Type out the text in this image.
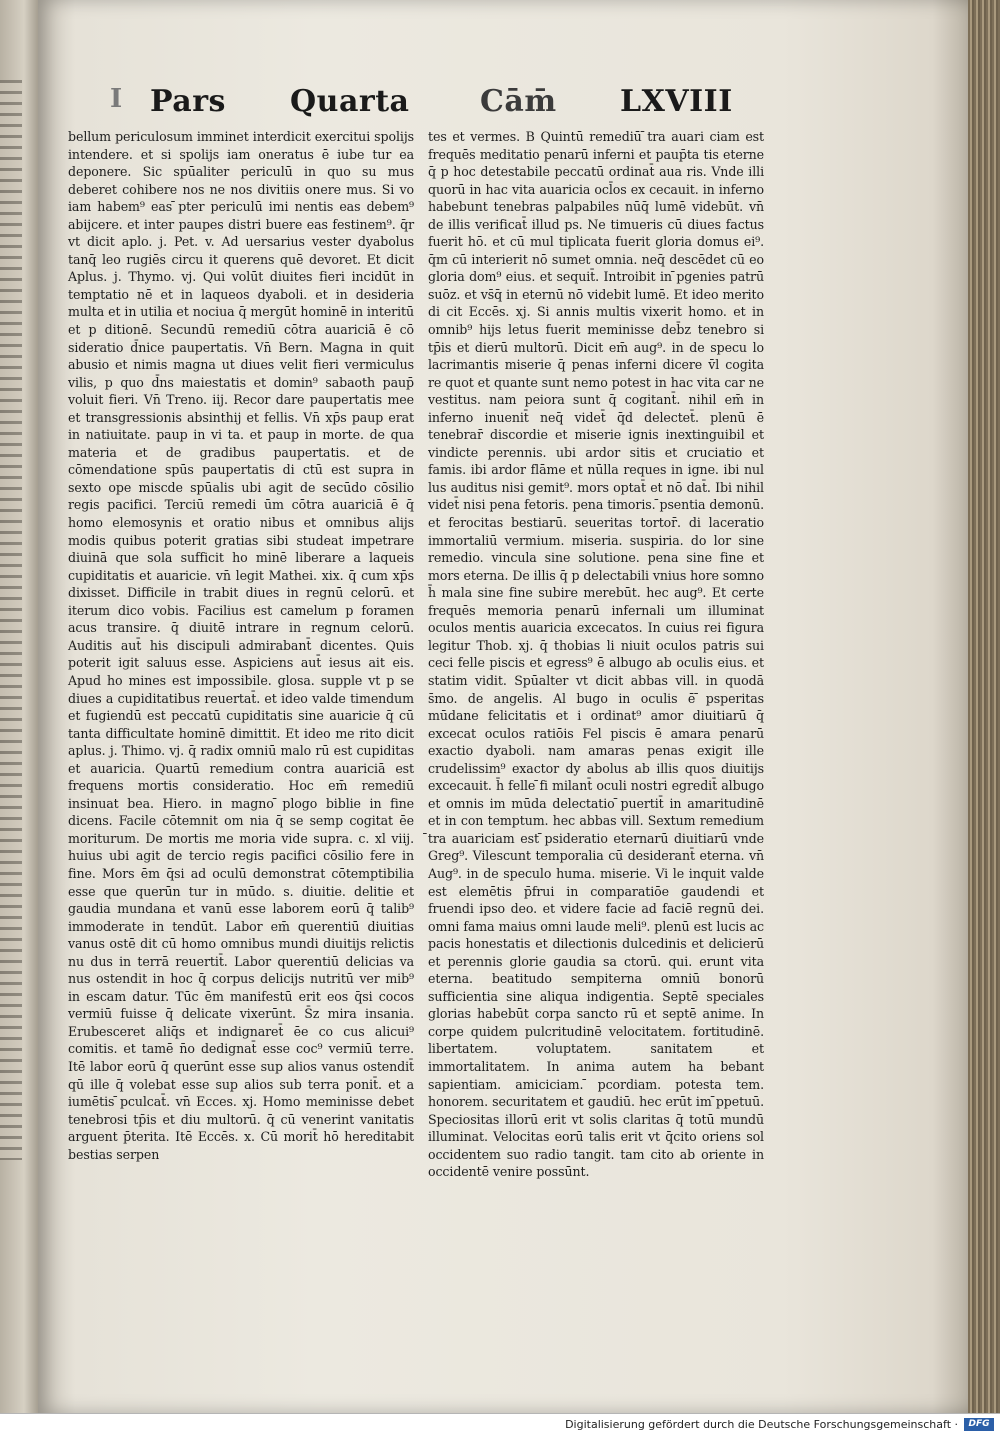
I Pars Quarta Cām̄ LXVIII

bellum periculosum imminet interdicit exercitui spolijs intendere. et si spolijs iam oneratus ē iube tur ea deponere. Sic spūaliter periculū in quo su mus deberet cohibere nos ne nos divitiis onere mus. Si vo iam habem⁹ eas ̄pter periculū imi nentis eas debem⁹ abijcere. et inter paupes distri buere eas festinem⁹. q̄r vt dicit aplo. j. Pet. v. Ad uersarius vester dyabolus tanq̄ leo rugiēs circu it querens quē devoret. Et dicit Aplus. j. Thymo. vj. Qui volūt diuites fieri incidūt in temptatio nē et in laqueos dyaboli. et in desideria multa et in utilia et nociua q̄ mergūt hominē in interitū et p ditionē. Secundū remediū cōtra auariciā ē cō sideratio d̄nice paupertatis. Vn̄ Bern. Magna in quit abusio et nimis magna ut diues velit fieri vermiculus vilis, p quo d̄ns maiestatis et domin⁹ sabaoth paup̄ voluit fieri. Vn̄ Treno. iij. Recor dare paupertatis mee et transgressionis absinthij et fellis. Vn̄ xp̄s paup erat in natiuitate. paup in vi ta. et paup in morte. de qua materia et de gradibus paupertatis. et de cōmendatione spūs paupertatis di ctū est supra in sexto ope miscde spūalis ubi agit de secūdo cōsilio regis pacifici. Terciū remedi ūm cōtra auariciā ē q̄ homo elemosynis et oratio nibus et omnibus alijs modis quibus poterit gratias sibi studeat impetrare diuinā que sola sufficit ho minē liberare a laqueis cupiditatis et auaricie. vn̄ legit Mathei. xix. q̄ cum xp̄s dixisset. Difficile in trabit diues in regnū celorū. et iterum dico vobis. Facilius est camelum p foramen acus transire. q̄ diuitē intrare in regnum celorū. Auditis aut̄ his discipuli admirabant̄ dicentes. Quis poterit igit saluus esse. Aspiciens aut̄ iesus ait eis. Apud ho mines est impossibile. glosa. supple vt p se diues a cupiditatibus reuertat̄. et ideo valde timendum et fugiendū est peccatū cupiditatis sine auaricie q̄ cū tanta difficultate hominē dimittit. Et ideo me rito dicit aplus. j. Thimo. vj. q̄ radix omniū malo rū est cupiditas et auaricia. Quartū remedium contra auariciā est frequens mortis consideratio. Hoc em̄ remediū insinuat bea. Hiero. in magno ̄plogo biblie in fine dicens. Facile cōtemnit om nia q̄ se semp cogitat ēe moriturum. De mortis me moria vide supra. c. xl viij. huius ubi agit de tercio regis pacifici cōsilio fere in fine. Mors ēm q̄si ad oculū demonstrat cōtemptibilia esse que querūn tur in mūdo. s. diuitie. delitie et gaudia mundana et vanū esse laborem eorū q̄ talib⁹ immoderate in tendūt. Labor em̄ querentiū diuitias vanus ostē dit cū homo omnibus mundi diuitijs relictis nu dus in terrā reuertit̄. Labor querentiū delicias va nus ostendit in hoc q̄ corpus delicijs nutritū ver mib⁹ in escam datur. Tūc ēm manifestū erit eos q̄si cocos vermiū fuisse q̄ delicate vixerūnt. S̄z mira insania. Erubesceret aliq̄s et indignaret̄ ēe co cus alicui⁹ comitis. et tamē n̄o dedignat̄ esse coc⁹ vermiū terre. Itē labor eorū q̄ querūnt esse sup alios vanus ostendit̄ qū ille q̄ volebat esse sup alios sub terra ponit̄. et a iumētis ̄pculcat̄. vn̄ Ecces. xj. Homo meminisse debet tenebrosi tp̄is et diu multorū. q̄ cū venerint vanitatis arguent p̄terita. Itē Eccēs. x. Cū morit̄ hō hereditabit bestias serpen

tes et vermes. B Quintū remediū ̄tra auari ciam est frequēs meditatio penarū inferni et paup̄ta tis eterne q̄ p hoc detestabile peccatū ordinat̄ aua ris. Vnde illi quorū in hac vita auaricia ocl̄os ex cecauit. in inferno habebunt tenebras palpabiles nūq̄ lumē videbūt. vn̄ de illis verificat̄ illud ps. Ne timueris cū diues factus fuerit hō. et cū mul tiplicata fuerit gloria domus ei⁹. q̄m cū interierit nō sumet omnia. neq̄ descēdet cū eo gloria dom⁹ eius. et sequit̄. Introibit in ̄pgenies patrū suōz. et vs̄q̄ in eternū nō videbit lumē. Et ideo merito di cit Eccēs. xj. Si annis multis vixerit homo. et in omnib⁹ hijs letus fuerit meminisse deb̄z tenebro si tp̄is et dierū multorū. Dicit em̄ aug⁹. in de specu lo lacrimantis miserie q̄ penas inferni dicere v̄l cogita re quot et quante sunt nemo potest in hac vita car ne vestitus. nam peiora sunt q̄ cogitant̄. nihil em̄ in inferno inuenit̄ neq̄ videt̄ q̄d delectet̄. plenū ē tenebrar̄ discordie et miserie ignis inextinguibil et vindicte perennis. ubi ardor sitis et cruciatio et famis. ibi ardor flāme et nūlla reques in igne. ibi nul lus auditus nisi gemit⁹. mors optat̄ et nō dat̄. Ibi nihil videt̄ nisi pena fetoris. pena timoris. ̄psentia demonū. et ferocitas bestiarū. seueritas tortor̄. di laceratio immortaliū vermium. miseria. suspiria. do lor sine remedio. vincula sine solutione. pena sine fine et mors eterna. De illis q̄ p delectabili vnius hore somno h̄ mala sine fine subire merebūt. hec aug⁹. Et certe frequēs memoria penarū infernali um illuminat oculos mentis auaricia excecatos. In cuius rei figura legitur Thob. xj. q̄ thobias li niuit oculos patris sui ceci felle piscis et egress⁹ ē albugo ab oculis eius. et statim vidit. Spūalter vt dicit abbas vill. in quodā s̄mo. de angelis. Al bugo in oculis ē ̄psperitas mūdane felicitatis et i ordinat⁹ amor diuitiarū q̄ excecat oculos ratiōis Fel piscis ē amara penarū exactio dyaboli. nam amaras penas exigit ille crudelissim⁹ exactor dy abolus ab illis quos diuitijs excecauit. h̄ felle ̄fi milant̄ oculi nostri egredit̄ albugo et omnis im mūda delectatio ̄puertit̄ in amaritudinē et in con temptum. hec abbas vill. Sextum remedium ̄tra auariciam est ̄psideratio eternarū diuitiarū vnde Greg⁹. Vilescunt temporalia cū desiderant̄ eterna. vn̄ Aug⁹. in de speculo huma. miserie. Vi le inquit valde est elemētis p̄frui in comparatiōe gaudendi et fruendi ipso deo. et videre facie ad faciē regnū dei. omni fama maius omni laude meli⁹. plenū est lucis ac pacis honestatis et dilectionis dulcedinis et delicierū et perennis glorie gaudia sa ctorū. qui. erunt vita eterna. beatitudo sempiterna omniū bonorū sufficientia sine aliqua indigentia. Septē speciales glorias habebūt corpa sancto rū et septē anime. In corpe quidem pulcritudinē velocitatem. fortitudinē. libertatem. voluptatem. sanitatem et immortalitatem. In anima autem ha bebant sapientiam. amiciciam. ̄pcordiam. potesta tem. honorem. securitatem et gaudiū. hec erūt im ̄ppetuū. Speciositas illorū erit vt solis claritas q̄ totū mundū illuminat. Velocitas eorū talis erit vt q̄̄cito oriens sol occidentem suo radio tangit. tam cito ab oriente in occidentē venire possūnt.

Digitalisierung gefördert durch die Deutsche Forschungsgemeinschaft ·	DFG
